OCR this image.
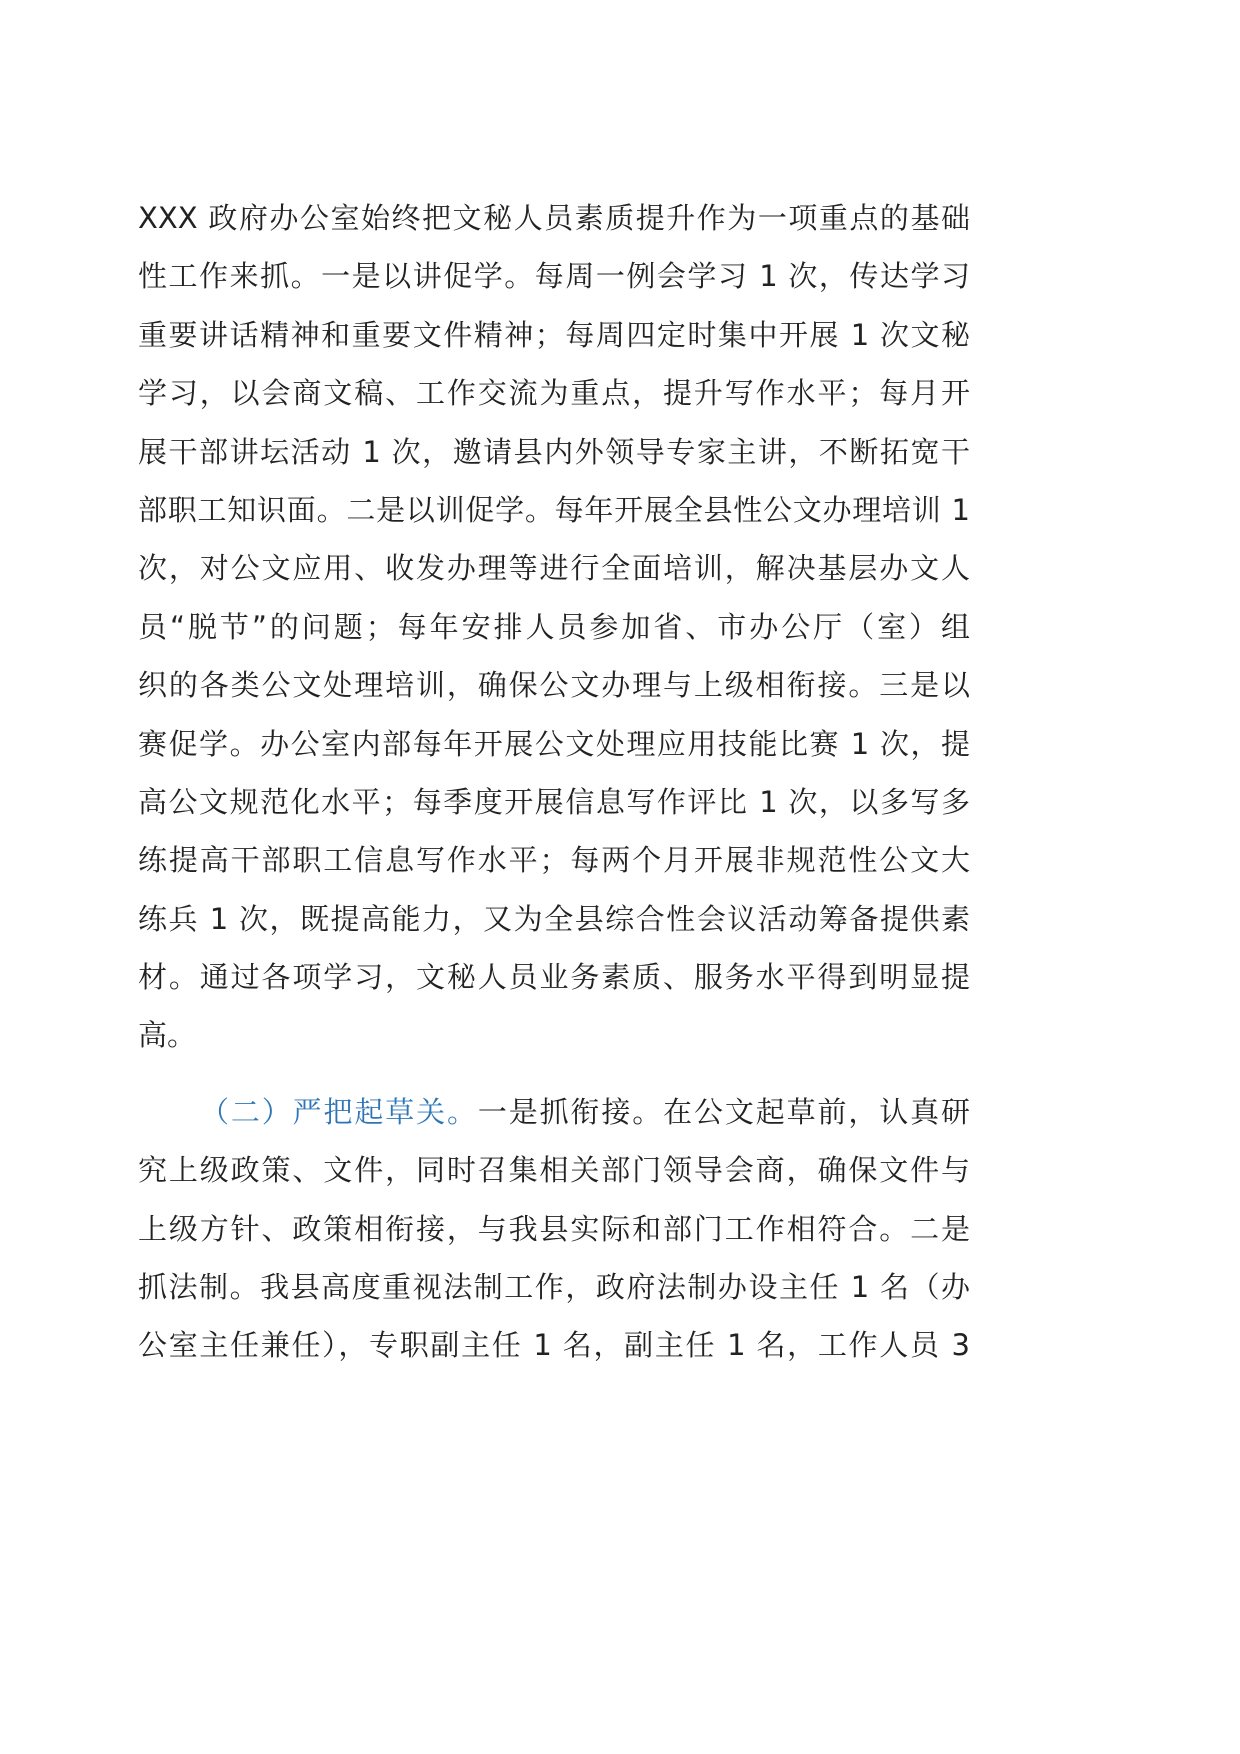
XXX 政府办公室始终把文秘人员素质提升作为一项重点的基础
性工作来抓。一是以讲促学。每周一例会学习 1 次，传达学习
重要讲话精神和重要文件精神；每周四定时集中开展 1 次文秘
学习，以会商文稿、工作交流为重点，提升写作水平；每月开
展干部讲坛活动 1 次，邀请县内外领导专家主讲，不断拓宽干
部职工知识面。二是以训促学。每年开展全县性公文办理培训 1
次，对公文应用、收发办理等进行全面培训，解决基层办文人
员“脱节”的问题；每年安排人员参加省、市办公厅（室）组
织的各类公文处理培训，确保公文办理与上级相衔接。三是以
赛促学。办公室内部每年开展公文处理应用技能比赛 1 次，提
高公文规范化水平；每季度开展信息写作评比 1 次，以多写多
练提高干部职工信息写作水平；每两个月开展非规范性公文大
练兵 1 次，既提高能力，又为全县综合性会议活动筹备提供素
材。通过各项学习，文秘人员业务素质、服务水平得到明显提
高。
（二）严把起草关。一是抓衔接。在公文起草前，认真研
究上级政策、文件，同时召集相关部门领导会商，确保文件与
上级方针、政策相衔接，与我县实际和部门工作相符合。二是
抓法制。我县高度重视法制工作，政府法制办设主任 1 名（办
公室主任兼任），专职副主任 1 名，副主任 1 名，工作人员 3
